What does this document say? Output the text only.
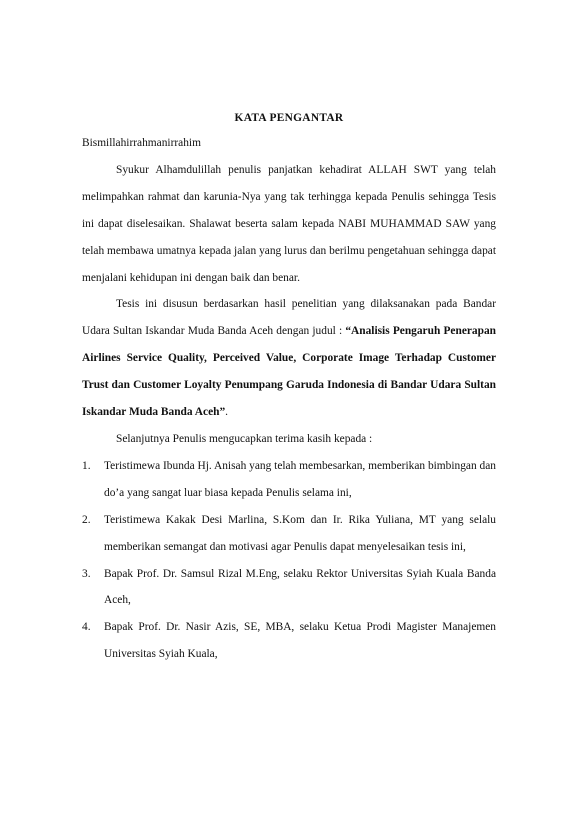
KATA PENGANTAR

Bismillahirrahmanirrahim

Syukur Alhamdulillah penulis panjatkan kehadirat ALLAH SWT yang telah melimpahkan rahmat dan karunia-Nya yang tak terhingga kepada Penulis sehingga Tesis ini dapat diselesaikan. Shalawat beserta salam kepada NABI MUHAMMAD SAW yang telah membawa umatnya kepada jalan yang lurus dan berilmu pengetahuan sehingga dapat menjalani kehidupan ini dengan baik dan benar.

Tesis ini disusun berdasarkan hasil penelitian yang dilaksanakan pada Bandar Udara Sultan Iskandar Muda Banda Aceh dengan judul : “Analisis Pengaruh Penerapan Airlines Service Quality, Perceived Value, Corporate Image Terhadap Customer Trust dan Customer Loyalty Penumpang Garuda Indonesia di Bandar Udara Sultan Iskandar Muda Banda Aceh”.

Selanjutnya Penulis mengucapkan terima kasih kepada :

1. Teristimewa Ibunda Hj. Anisah yang telah membesarkan, memberikan bimbingan dan do’a yang sangat luar biasa kepada Penulis selama ini,
2. Teristimewa Kakak Desi Marlina, S.Kom dan Ir. Rika Yuliana, MT yang selalu memberikan semangat dan motivasi agar Penulis dapat menyelesaikan tesis ini,
3. Bapak Prof. Dr. Samsul Rizal M.Eng, selaku Rektor Universitas Syiah Kuala Banda Aceh,
4. Bapak Prof. Dr. Nasir Azis, SE, MBA, selaku Ketua Prodi Magister Manajemen Universitas Syiah Kuala,
